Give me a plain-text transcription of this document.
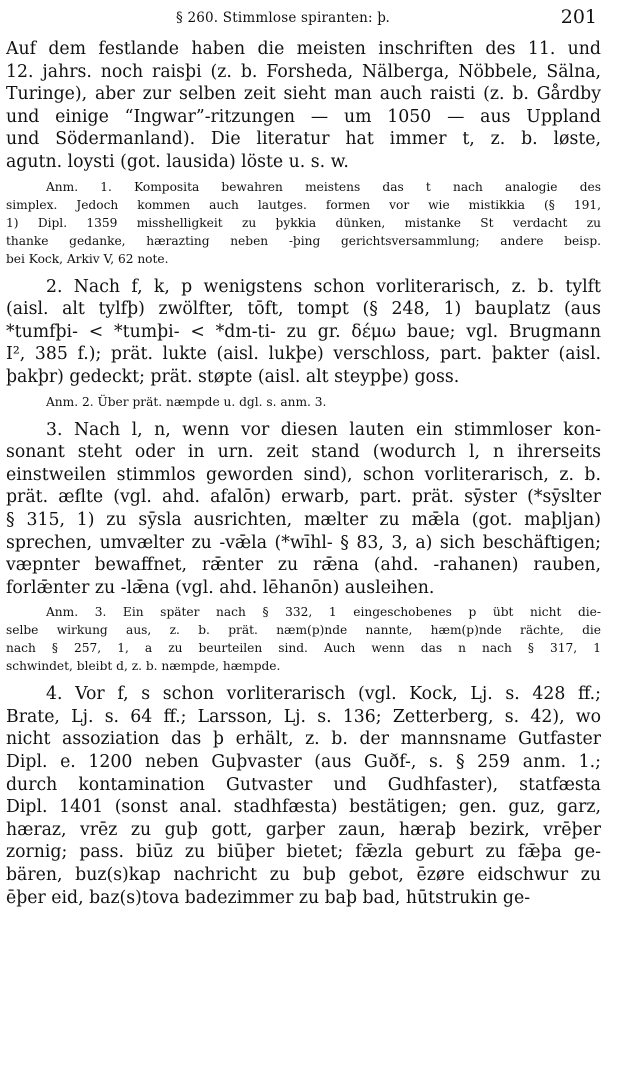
§ 260. Stimmlose spiranten: þ.	201
Auf dem festlande haben die meisten inschriften des 11. und
12. jahrs. noch raisþi (z. b. Forsheda, Nälberga, Nöbbele, Sälna,
Turinge), aber zur selben zeit sieht man auch raisti (z. b. Gårdby
und einige “Ingwar”-ritzungen — um 1050 — aus Uppland
und Södermanland). Die literatur hat immer t, z. b. løste,
agutn. loysti (got. lausida) löste u. s. w.
Anm. 1. Komposita bewahren meistens das t nach analogie des
simplex. Jedoch kommen auch lautges. formen vor wie mistikkia (§ 191,
1) Dipl. 1359 misshelligkeit zu þykkia dünken, mistanke St verdacht zu
thanke gedanke, hærazting neben -þing gerichtsversammlung; andere beisp.
bei Kock, Arkiv V, 62 note.
2. Nach f, k, p wenigstens schon vorliterarisch, z. b. tylft
(aisl. alt tylfþ) zwölfter, tōft, tompt (§ 248, 1) bauplatz (aus
*tumfþi- < *tumþi- < *dm-ti- zu gr. δέμω baue; vgl. Brugmann
I², 385 f.); prät. lukte (aisl. lukþe) verschloss, part. þakter (aisl.
þakþr) gedeckt; prät. støpte (aisl. alt steypþe) goss.
Anm. 2. Über prät. næmpde u. dgl. s. anm. 3.
3. Nach l, n, wenn vor diesen lauten ein stimmloser kon-
sonant steht oder in urn. zeit stand (wodurch l, n ihrerseits
einstweilen stimmlos geworden sind), schon vorliterarisch, z. b.
prät. æflte (vgl. ahd. afalōn) erwarb, part. prät. sȳster (*sȳslter
§ 315, 1) zu sȳsla ausrichten, mælter zu mǣla (got. maþljan)
sprechen, umvælter zu -vǣla (*wīhl- § 83, 3, a) sich beschäftigen;
væpnter bewaffnet, rǣnter zu rǣna (ahd. -rahanen) rauben,
forlǣnter zu -lǣna (vgl. ahd. lēhanōn) ausleihen.
Anm. 3. Ein später nach § 332, 1 eingeschobenes p übt nicht die-
selbe wirkung aus, z. b. prät. næm(p)nde nannte, hæm(p)nde rächte, die
nach § 257, 1, a zu beurteilen sind. Auch wenn das n nach § 317, 1
schwindet, bleibt d, z. b. næmpde, hæmpde.
4. Vor f, s schon vorliterarisch (vgl. Kock, Lj. s. 428 ff.;
Brate, Lj. s. 64 ff.; Larsson, Lj. s. 136; Zetterberg, s. 42), wo
nicht assoziation das þ erhält, z. b. der mannsname Gutfaster
Dipl. e. 1200 neben Guþvaster (aus Guðf-, s. § 259 anm. 1.;
durch kontamination Gutvaster und Gudhfaster), statfæsta
Dipl. 1401 (sonst anal. stadhfæsta) bestätigen; gen. guz, garz,
hæraz, vrēz zu guþ gott, garþer zaun, hæraþ bezirk, vrēþer
zornig; pass. biūz zu biūþer bietet; fǣzla geburt zu fǣþa ge-
bären, buz(s)kap nachricht zu buþ gebot, ēzøre eidschwur zu
ēþer eid, baz(s)tova badezimmer zu baþ bad, hūtstrukin ge-
